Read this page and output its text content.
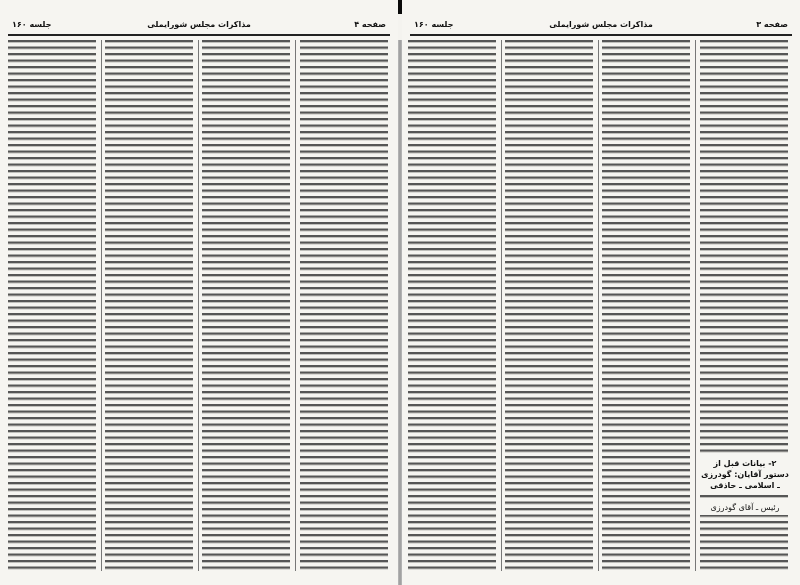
صفحه ۴
مذاکرات مجلس شورایملی
جلسه ۱۶۰	صفحه ۳
مذاکرات مجلس شورایملی
جلسه ۱۶۰
۲- بیانات قبل از دستور آقایان: گودرزی ـ اسلامی ـ حاذقی
رئیس ـ آقای گودرزی
